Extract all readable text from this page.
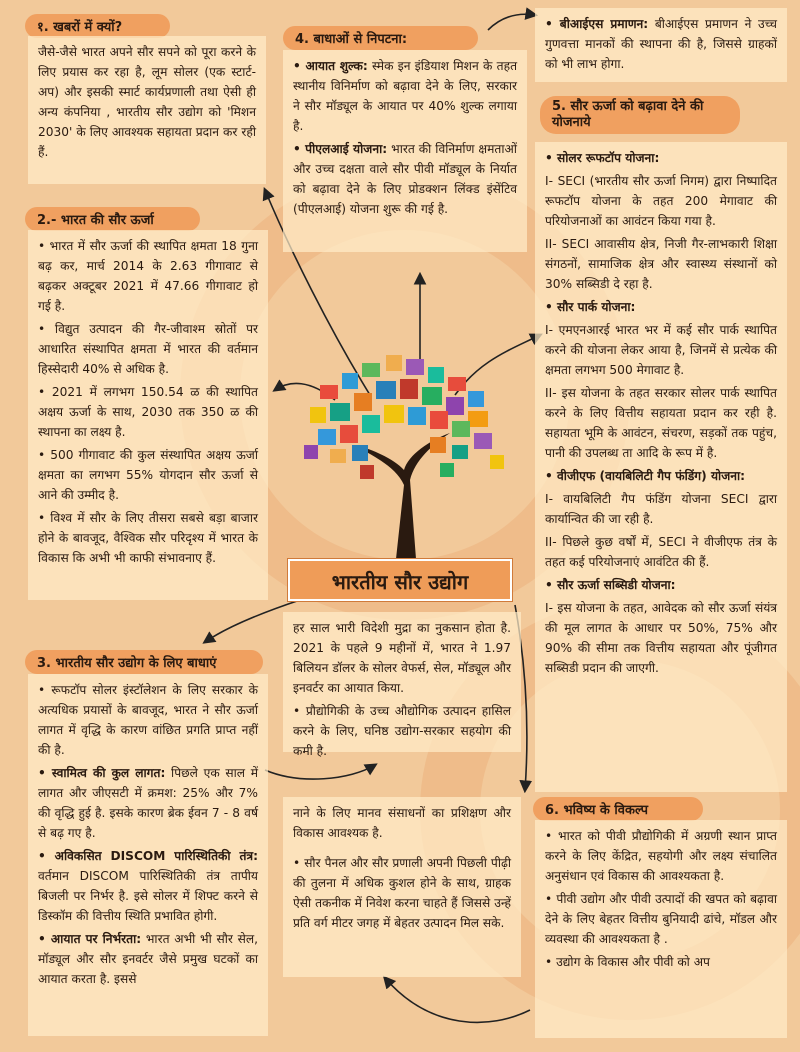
१. खबरों में क्यों?

जैसे-जैसे भारत अपने सौर सपने को पूरा करने के लिए प्रयास कर रहा है, लूम सोलर (एक स्टार्ट-अप) और इसकी स्मार्ट कार्यप्रणाली तथा ऐसी ही अन्य कंपनिया , भारतीय सौर उद्योग को 'मिशन 2030' के लिए आवश्यक सहायता प्रदान कर रही हैं.

2.- भारत की सौर ऊर्जा

• भारत में सौर ऊर्जा की स्थापित क्षमता 18 गुना बढ़ कर, मार्च 2014 के 2.63 गीगावाट से बढ़कर अक्टूबर 2021 में 47.66 गीगावाट हो गई है.

• विद्युत उत्पादन की गैर-जीवाश्म स्रोतों पर आधारित संस्थापित क्षमता में भारत की वर्तमान हिस्सेदारी 40% से अधिक है.

• 2021 में लगभग 150.54 ळ की स्थापित अक्षय ऊर्जा के साथ, 2030 तक 350 ळ की स्थापना का लक्ष्य है.

• 500 गीगावाट की कुल संस्थापित अक्षय ऊर्जा क्षमता का लगभग 55% योगदान सौर ऊर्जा से आने की उम्मीद है.

• विश्व में सौर के लिए तीसरा सबसे बड़ा बाजार होने के बावजूद, वैश्विक सौर परिदृश्य में भारत के विकास कि अभी भी काफी संभावनाए हैं.

3. भारतीय सौर उद्योग के लिए बाधाएं

• रूफटॉप सोलर इंस्टॉलेशन के लिए सरकार के अत्यधिक प्रयासों के बावजूद, भारत ने सौर ऊर्जा लागत में वृद्धि के कारण वांछित प्रगति प्राप्त नहीं की है.

• स्वामित्व की कुल लागत: पिछले एक साल में लागत और जीएसटी में क्रमश: 25% और 7% की वृद्धि हुई है. इसके कारण ब्रेक ईवन 7 - 8 वर्ष से बढ़ गए है.

• अविकसित DISCOM पारिस्थितिकी तंत्र: वर्तमान DISCOM पारिस्थितिकी तंत्र तापीय बिजली पर निर्भर है. इसे सोलर में शिफ्ट करने से डिस्कॉम की वित्तीय स्थिति प्रभावित होगी.

• आयात पर निर्भरता: भारत अभी भी सौर सेल, मॉड्यूल और सौर इनवर्टर जैसे प्रमुख घटकों का आयात करता है. इससे

4. बाधाओं से निपटना:

• आयात शुल्क: स्मेक इन इंडियाश मिशन के तहत स्थानीय विनिर्माण को बढ़ावा देने के लिए, सरकार ने सौर मॉड्यूल के आयात पर 40% शुल्क लगाया है.

• पीएलआई योजना: भारत की विनिर्माण क्षमताओं और उच्च दक्षता वाले सौर पीवी मॉड्यूल के निर्यात को बढ़ावा देने के लिए प्रोडक्शन लिंक्ड इंसेंटिव (पीएलआई) योजना शुरू की गई है.

• बीआईएस प्रमाणन: बीआईएस प्रमाणन ने उच्च गुणवत्ता मानकों की स्थापना की है, जिससे ग्राहकों को भी लाभ होगा.

5. सौर ऊर्जा को बढ़ावा देने की योजनाये

• सोलर रूफटॉप योजना:

I- SECI (भारतीय सौर ऊर्जा निगम) द्वारा निष्पादित रूफटॉप योजना के तहत 200 मेगावाट की परियोजनाओं का आवंटन किया गया है.

II- SECI आवासीय क्षेत्र, निजी गैर-लाभकारी शिक्षा संगठनों, सामाजिक क्षेत्र और स्वास्थ्य संस्थानों को 30% सब्सिडी दे रहा है.

• सौर पार्क योजना:

I- एमएनआरई भारत भर में कई सौर पार्क स्थापित करने की योजना लेकर आया है, जिनमें से प्रत्येक की क्षमता लगभग 500 मेगावाट है.

II- इस योजना के तहत सरकार सोलर पार्क स्थापित करने के लिए वित्तीय सहायता प्रदान कर रही है. सहायता भूमि के आवंटन, संचरण, सड़कों तक पहुंच, पानी की उपलब्ध ता आदि के रूप में है.

• वीजीएफ (वायबिलिटी गैप फंडिंग) योजना:

I- वायबिलिटी गैप फंडिंग योजना SECI द्वारा कार्यान्वित की जा रही है.

II- पिछले कुछ वर्षों में, SECI ने वीजीएफ तंत्र के तहत कई परियोजनाएं आवंटित की हैं.

• सौर ऊर्जा सब्सिडी योजना:

I- इस योजना के तहत, आवेदक को सौर ऊर्जा संयंत्र की मूल लागत के आधार पर 50%, 75% और 90% की सीमा तक वित्तीय सहायता और पूंजीगत सब्सिडी प्रदान की जाएगी.

6. भविष्य के विकल्प

• भारत को पीवी प्रौद्योगिकी में अग्रणी स्थान प्राप्त करने के लिए केंद्रित, सहयोगी और लक्ष्य संचालित अनुसंधान एवं विकास की आवश्यकता है.

• पीवी उद्योग और पीवी उत्पादों की खपत को बढ़ावा देने के लिए बेहतर वित्तीय बुनियादी ढांचे, मॉडल और व्यवस्था की आवश्यकता है .

• उद्योग के विकास और पीवी को अप

भारतीय सौर उद्योग

हर साल भारी विदेशी मुद्रा का नुकसान होता है. 2021 के पहले 9 महीनों में, भारत ने 1.97 बिलियन डॉलर के सोलर वेफर्स, सेल, मॉड्यूल और इनवर्टर का आयात किया.

• प्रौद्योगिकी के उच्च औद्योगिक उत्पादन हासिल करने के लिए, घनिष्ठ उद्योग-सरकार सहयोग की कमी है.

नाने के लिए मानव संसाधनों का प्रशिक्षण और विकास आवश्यक है.

• सौर पैनल और सौर प्रणाली अपनी पिछली पीढ़ी की तुलना में अधिक कुशल होने के साथ, ग्राहक ऐसी तकनीक में निवेश करना चाहते हैं जिससे उन्हें प्रति वर्ग मीटर जगह में बेहतर उत्पादन मिल सके.
